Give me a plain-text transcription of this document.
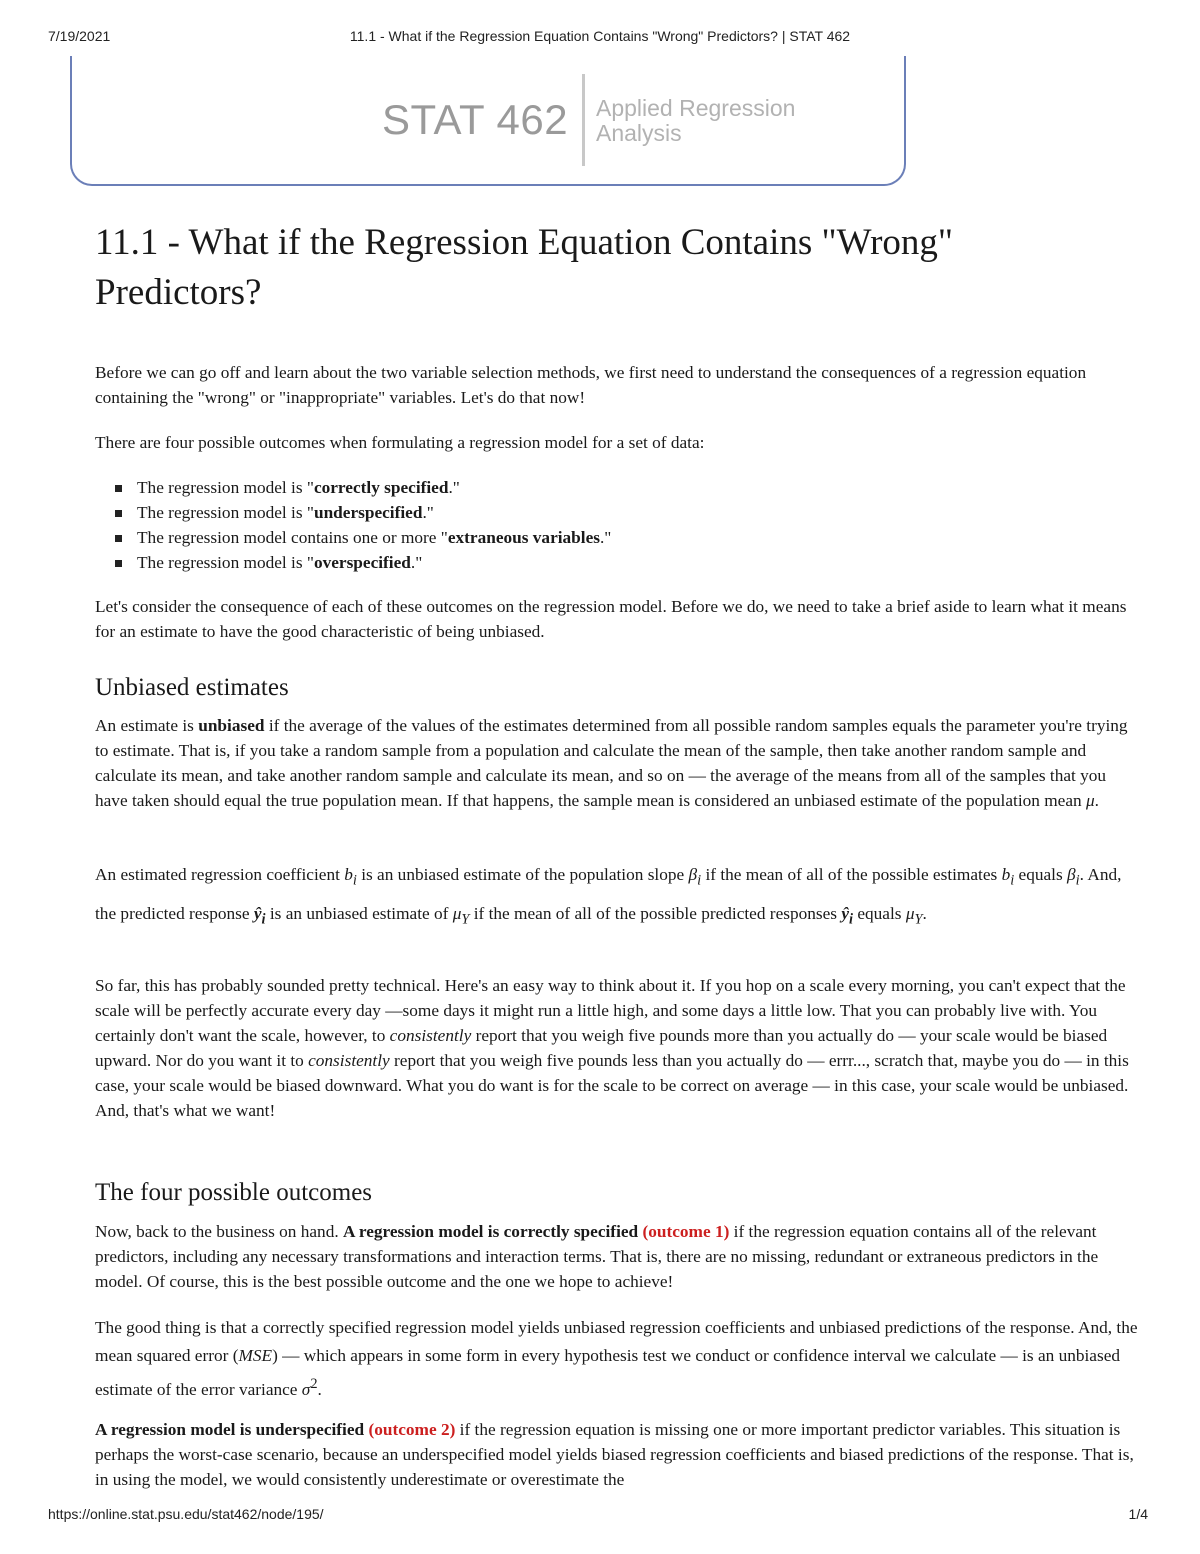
7/19/2021	11.1 - What if the Regression Equation Contains "Wrong" Predictors? | STAT 462
STAT 462 Applied Regression
Analysis
11.1 - What if the Regression Equation Contains "Wrong"
Predictors?

Before we can go off and learn about the two variable selection methods, we first need to understand the consequences of a regression equation containing the "wrong" or "inappropriate" variables. Let's do that now!

There are four possible outcomes when formulating a regression model for a set of data:

The regression model is "correctly specified."
The regression model is "underspecified."
The regression model contains one or more "extraneous variables."
The regression model is "overspecified."

Let's consider the consequence of each of these outcomes on the regression model. Before we do, we need to take a brief aside to learn what it means for an estimate to have the good characteristic of being unbiased.

Unbiased estimates

An estimate is unbiased if the average of the values of the estimates determined from all possible random samples equals the parameter you're trying to estimate. That is, if you take a random sample from a population and calculate the mean of the sample, then take another random sample and calculate its mean, and take another random sample and calculate its mean, and so on — the average of the means from all of the samples that you have taken should equal the true population mean. If that happens, the sample mean is considered an unbiased estimate of the population mean μ.

An estimated regression coefficient $b_i$ is an unbiased estimate of the population slope $\beta_i$ if the mean of all of the possible estimates $b_i$ equals $\beta_i$. And, the predicted response $ŷ_i$ is an unbiased estimate of $\mu_Y$ if the mean of all of the possible predicted responses $ŷ_i$ equals $\mu_Y$.

So far, this has probably sounded pretty technical. Here's an easy way to think about it. If you hop on a scale every morning, you can't expect that the scale will be perfectly accurate every day —some days it might run a little high, and some days a little low. That you can probably live with. You certainly don't want the scale, however, to consistently report that you weigh five pounds more than you actually do — your scale would be biased upward. Nor do you want it to consistently report that you weigh five pounds less than you actually do — errr..., scratch that, maybe you do — in this case, your scale would be biased downward. What you do want is for the scale to be correct on average — in this case, your scale would be unbiased. And, that's what we want!

The four possible outcomes

Now, back to the business on hand. A regression model is correctly specified (outcome 1) if the regression equation contains all of the relevant predictors, including any necessary transformations and interaction terms. That is, there are no missing, redundant or extraneous predictors in the model. Of course, this is the best possible outcome and the one we hope to achieve!

The good thing is that a correctly specified regression model yields unbiased regression coefficients and unbiased predictions of the response. And, the mean squared error (MSE) — which appears in some form in every hypothesis test we conduct or confidence interval we calculate — is an unbiased estimate of the error variance $\sigma^2$.

A regression model is underspecified (outcome 2) if the regression equation is missing one or more important predictor variables. This situation is perhaps the worst-case scenario, because an underspecified model yields biased regression coefficients and biased predictions of the response. That is, in using the model, we would consistently underestimate or overestimate the

https://online.stat.psu.edu/stat462/node/195/	1/4
